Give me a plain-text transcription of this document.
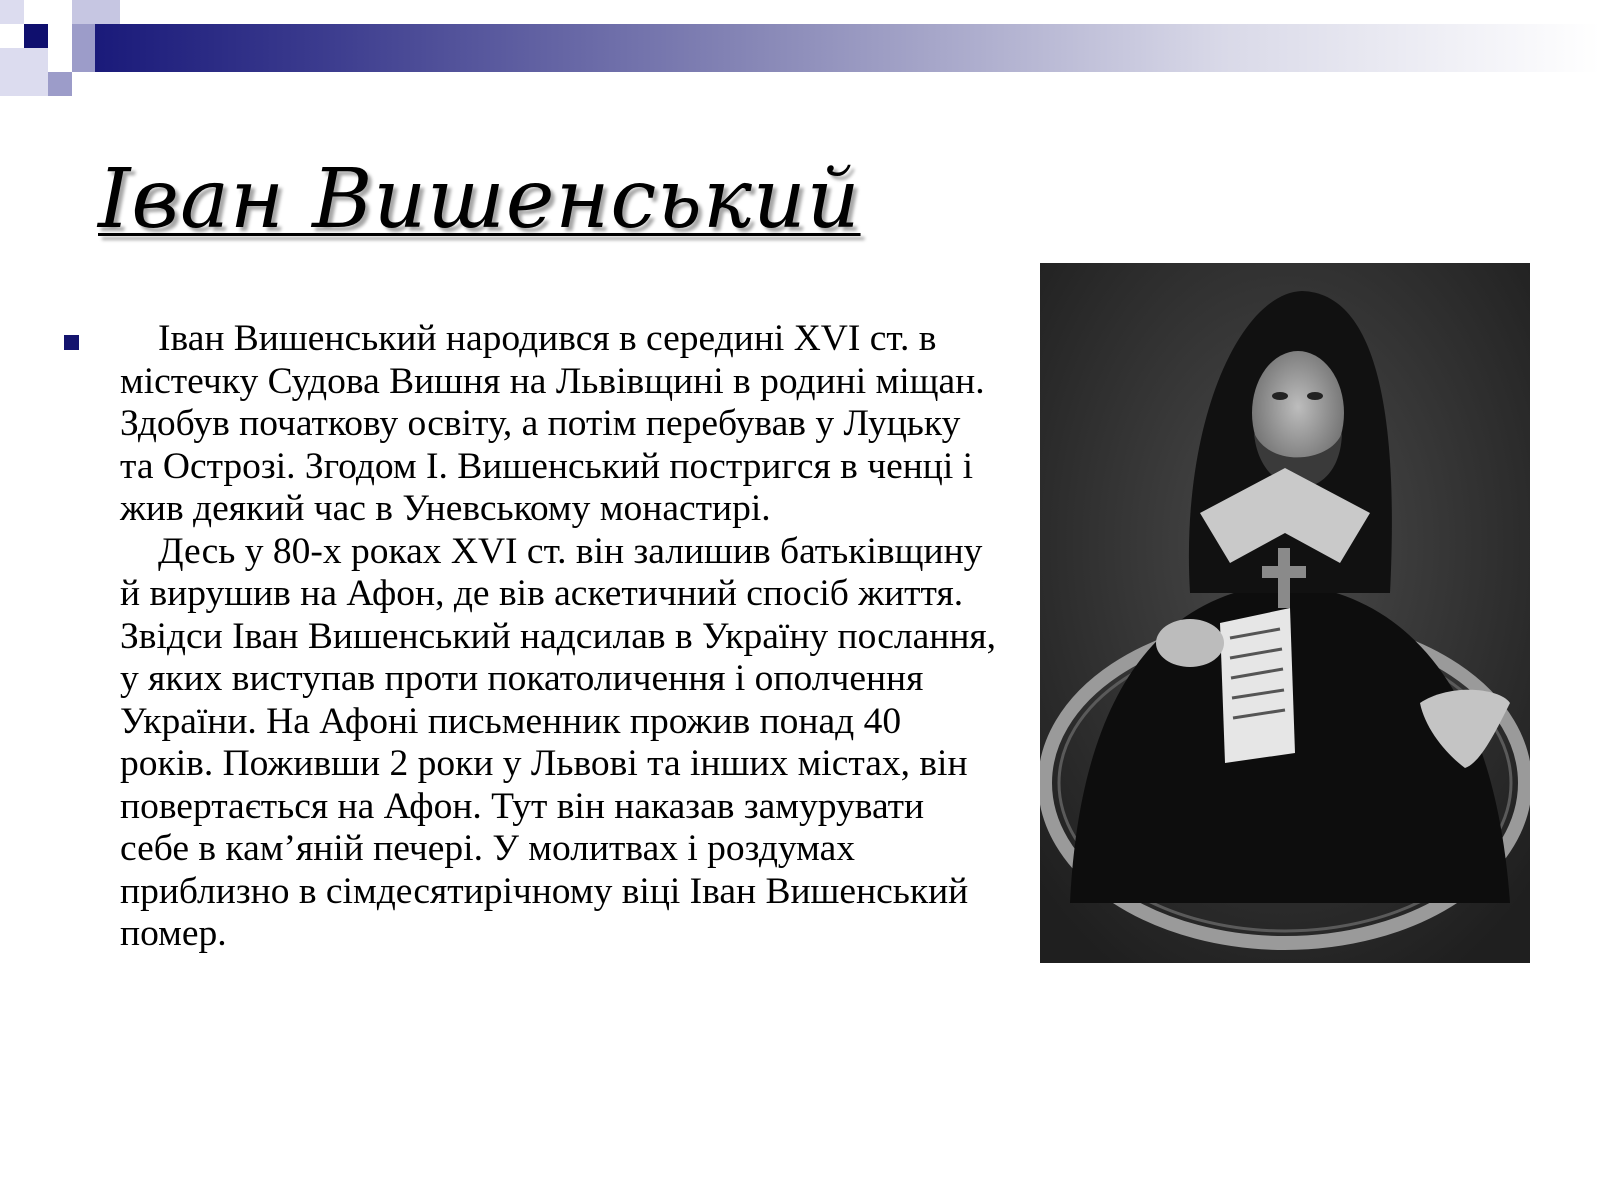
Іван Вишенський

Іван Вишенський народився в середині XVI ст. в містечку Судова Вишня на Львівщині в родині міщан. Здобув початкову освіту, а потім перебував у Луцьку та Острозі. Згодом І. Вишенський постригся в ченці і жив деякий час в Уневському монастирі.

Десь у 80-х роках XVI ст. він залишив батьківщину й вирушив на Афон, де вів аскетичний спосіб життя. Звідси Іван Вишенський надсилав в Україну послання, у яких виступав проти покатоличення і ополчення України. На Афоні письменник прожив понад 40 років. Поживши 2 роки у Львові та інших містах, він повертається на Афон. Тут він наказав замурувати себе в кам’яній печері. У молитвах і роздумах приблизно в сімдесятирічному віці Іван Вишенський помер.
